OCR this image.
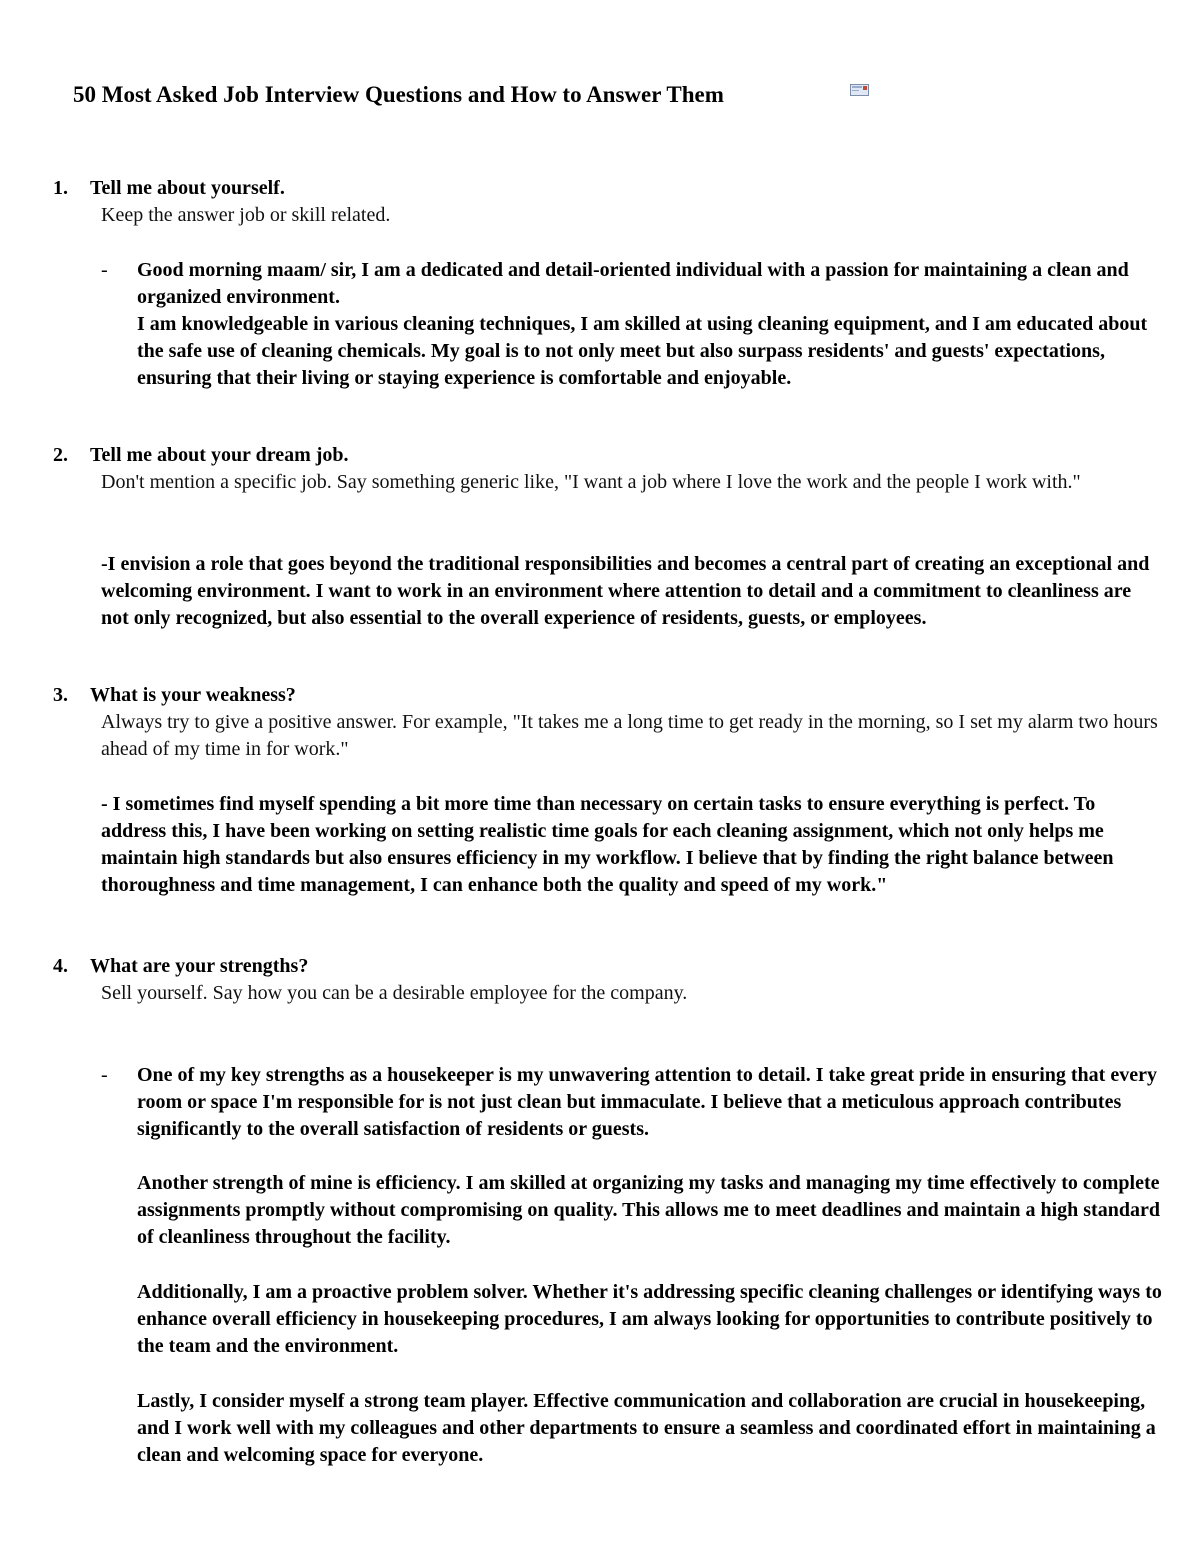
50 Most Asked Job Interview Questions and How to Answer Them
1. Tell me about yourself.
Keep the answer job or skill related.
- Good morning maam/ sir, I am a dedicated and detail-oriented individual with a passion for maintaining a clean and organized environment.
I am knowledgeable in various cleaning techniques, I am skilled at using cleaning equipment, and I am educated about the safe use of cleaning chemicals. My goal is to not only meet but also surpass residents' and guests' expectations, ensuring that their living or staying experience is comfortable and enjoyable.
2. Tell me about your dream job.
Don't mention a specific job. Say something generic like, "I want a job where I love the work and the people I work with."
-I envision a role that goes beyond the traditional responsibilities and becomes a central part of creating an exceptional and welcoming environment. I want to work in an environment where attention to detail and a commitment to cleanliness are not only recognized, but also essential to the overall experience of residents, guests, or employees.
3. What is your weakness?
Always try to give a positive answer. For example, "It takes me a long time to get ready in the morning, so I set my alarm two hours ahead of my time in for work."
- I sometimes find myself spending a bit more time than necessary on certain tasks to ensure everything is perfect. To address this, I have been working on setting realistic time goals for each cleaning assignment, which not only helps me maintain high standards but also ensures efficiency in my workflow. I believe that by finding the right balance between thoroughness and time management, I can enhance both the quality and speed of my work."
4. What are your strengths?
Sell yourself. Say how you can be a desirable employee for the company.
- One of my key strengths as a housekeeper is my unwavering attention to detail. I take great pride in ensuring that every room or space I'm responsible for is not just clean but immaculate. I believe that a meticulous approach contributes significantly to the overall satisfaction of residents or guests.
Another strength of mine is efficiency. I am skilled at organizing my tasks and managing my time effectively to complete assignments promptly without compromising on quality. This allows me to meet deadlines and maintain a high standard of cleanliness throughout the facility.
Additionally, I am a proactive problem solver. Whether it's addressing specific cleaning challenges or identifying ways to enhance overall efficiency in housekeeping procedures, I am always looking for opportunities to contribute positively to the team and the environment.
Lastly, I consider myself a strong team player. Effective communication and collaboration are crucial in housekeeping, and I work well with my colleagues and other departments to ensure a seamless and coordinated effort in maintaining a clean and welcoming space for everyone.
